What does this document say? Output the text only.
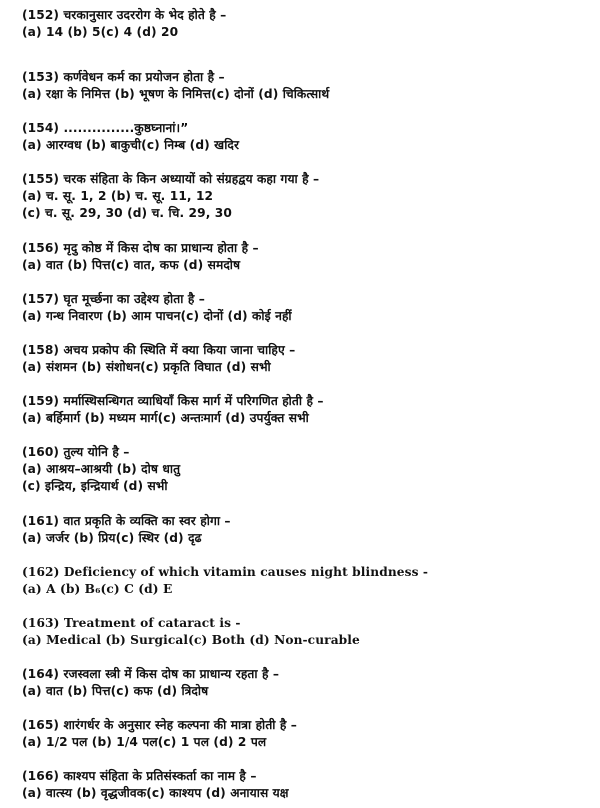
(152) चरकानुसार उदररोग के भेद होते है –
(a) 14 (b) 5(c) 4 (d) 20
(153) कर्णवेधन कर्म का प्रयोजन होता है –
(a) रक्षा के निमित्त (b) भूषण के निमित्त(c) दोनों (d) चिकित्सार्थ
(154) ...............कुष्ठघ्नानां।”
(a) आरग्वध (b) बाकुची(c) निम्ब (d) खदिर
(155) चरक संहिता के किन अध्यायों को संग्रहद्वय कहा गया है –
(a) च. सू. 1, 2 (b) च. सू. 11, 12
(c) च. सू. 29, 30 (d) च. चि. 29, 30
(156) मृदु कोष्ठ में किस दोष का प्राधान्य होता है –
(a) वात (b) पित्त(c) वात, कफ (d) समदोष
(157) घृत मूर्च्छना का उद्देश्य होता है –
(a) गन्ध निवारण (b) आम पाचन(c) दोनों (d) कोई नहीं
(158) अचय प्रकोप की स्थिति में क्या किया जाना चाहिए –
(a) संशमन (b) संशोधन(c) प्रकृति विघात (d) सभी
(159) मर्मास्थिसन्धिगत व्याधियाँ किस मार्ग में परिगणित होती है –
(a) बर्हिमार्ग (b) मध्यम मार्ग(c) अन्तःमार्ग (d) उपर्युक्त सभी
(160) तुल्य योनि है –
(a) आश्रय–आश्रयी (b) दोष धातु
(c) इन्द्रिय, इन्द्रियार्थ (d) सभी
(161) वात प्रकृति के व्यक्ति का स्वर होगा –
(a) जर्जर (b) प्रिय(c) स्थिर (d) दृढ
(162) Deficiency of which vitamin causes night blindness -
(a) A (b) B₆(c) C (d) E
(163) Treatment of cataract is -
(a) Medical (b) Surgical(c) Both (d) Non-curable
(164) रजस्वला स्त्री में किस दोष का प्राधान्य रहता है –
(a) वात (b) पित्त(c) कफ (d) त्रिदोष
(165) शारंगर्धर के अनुसार स्नेह कल्पना की मात्रा होती है –
(a) 1/2 पल (b) 1/4 पल(c) 1 पल (d) 2 पल
(166) काश्यप संहिता के प्रतिसंस्कर्ता का नाम है –
(a) वात्स्य (b) वृद्धजीवक(c) काश्यप (d) अनायास यक्ष
